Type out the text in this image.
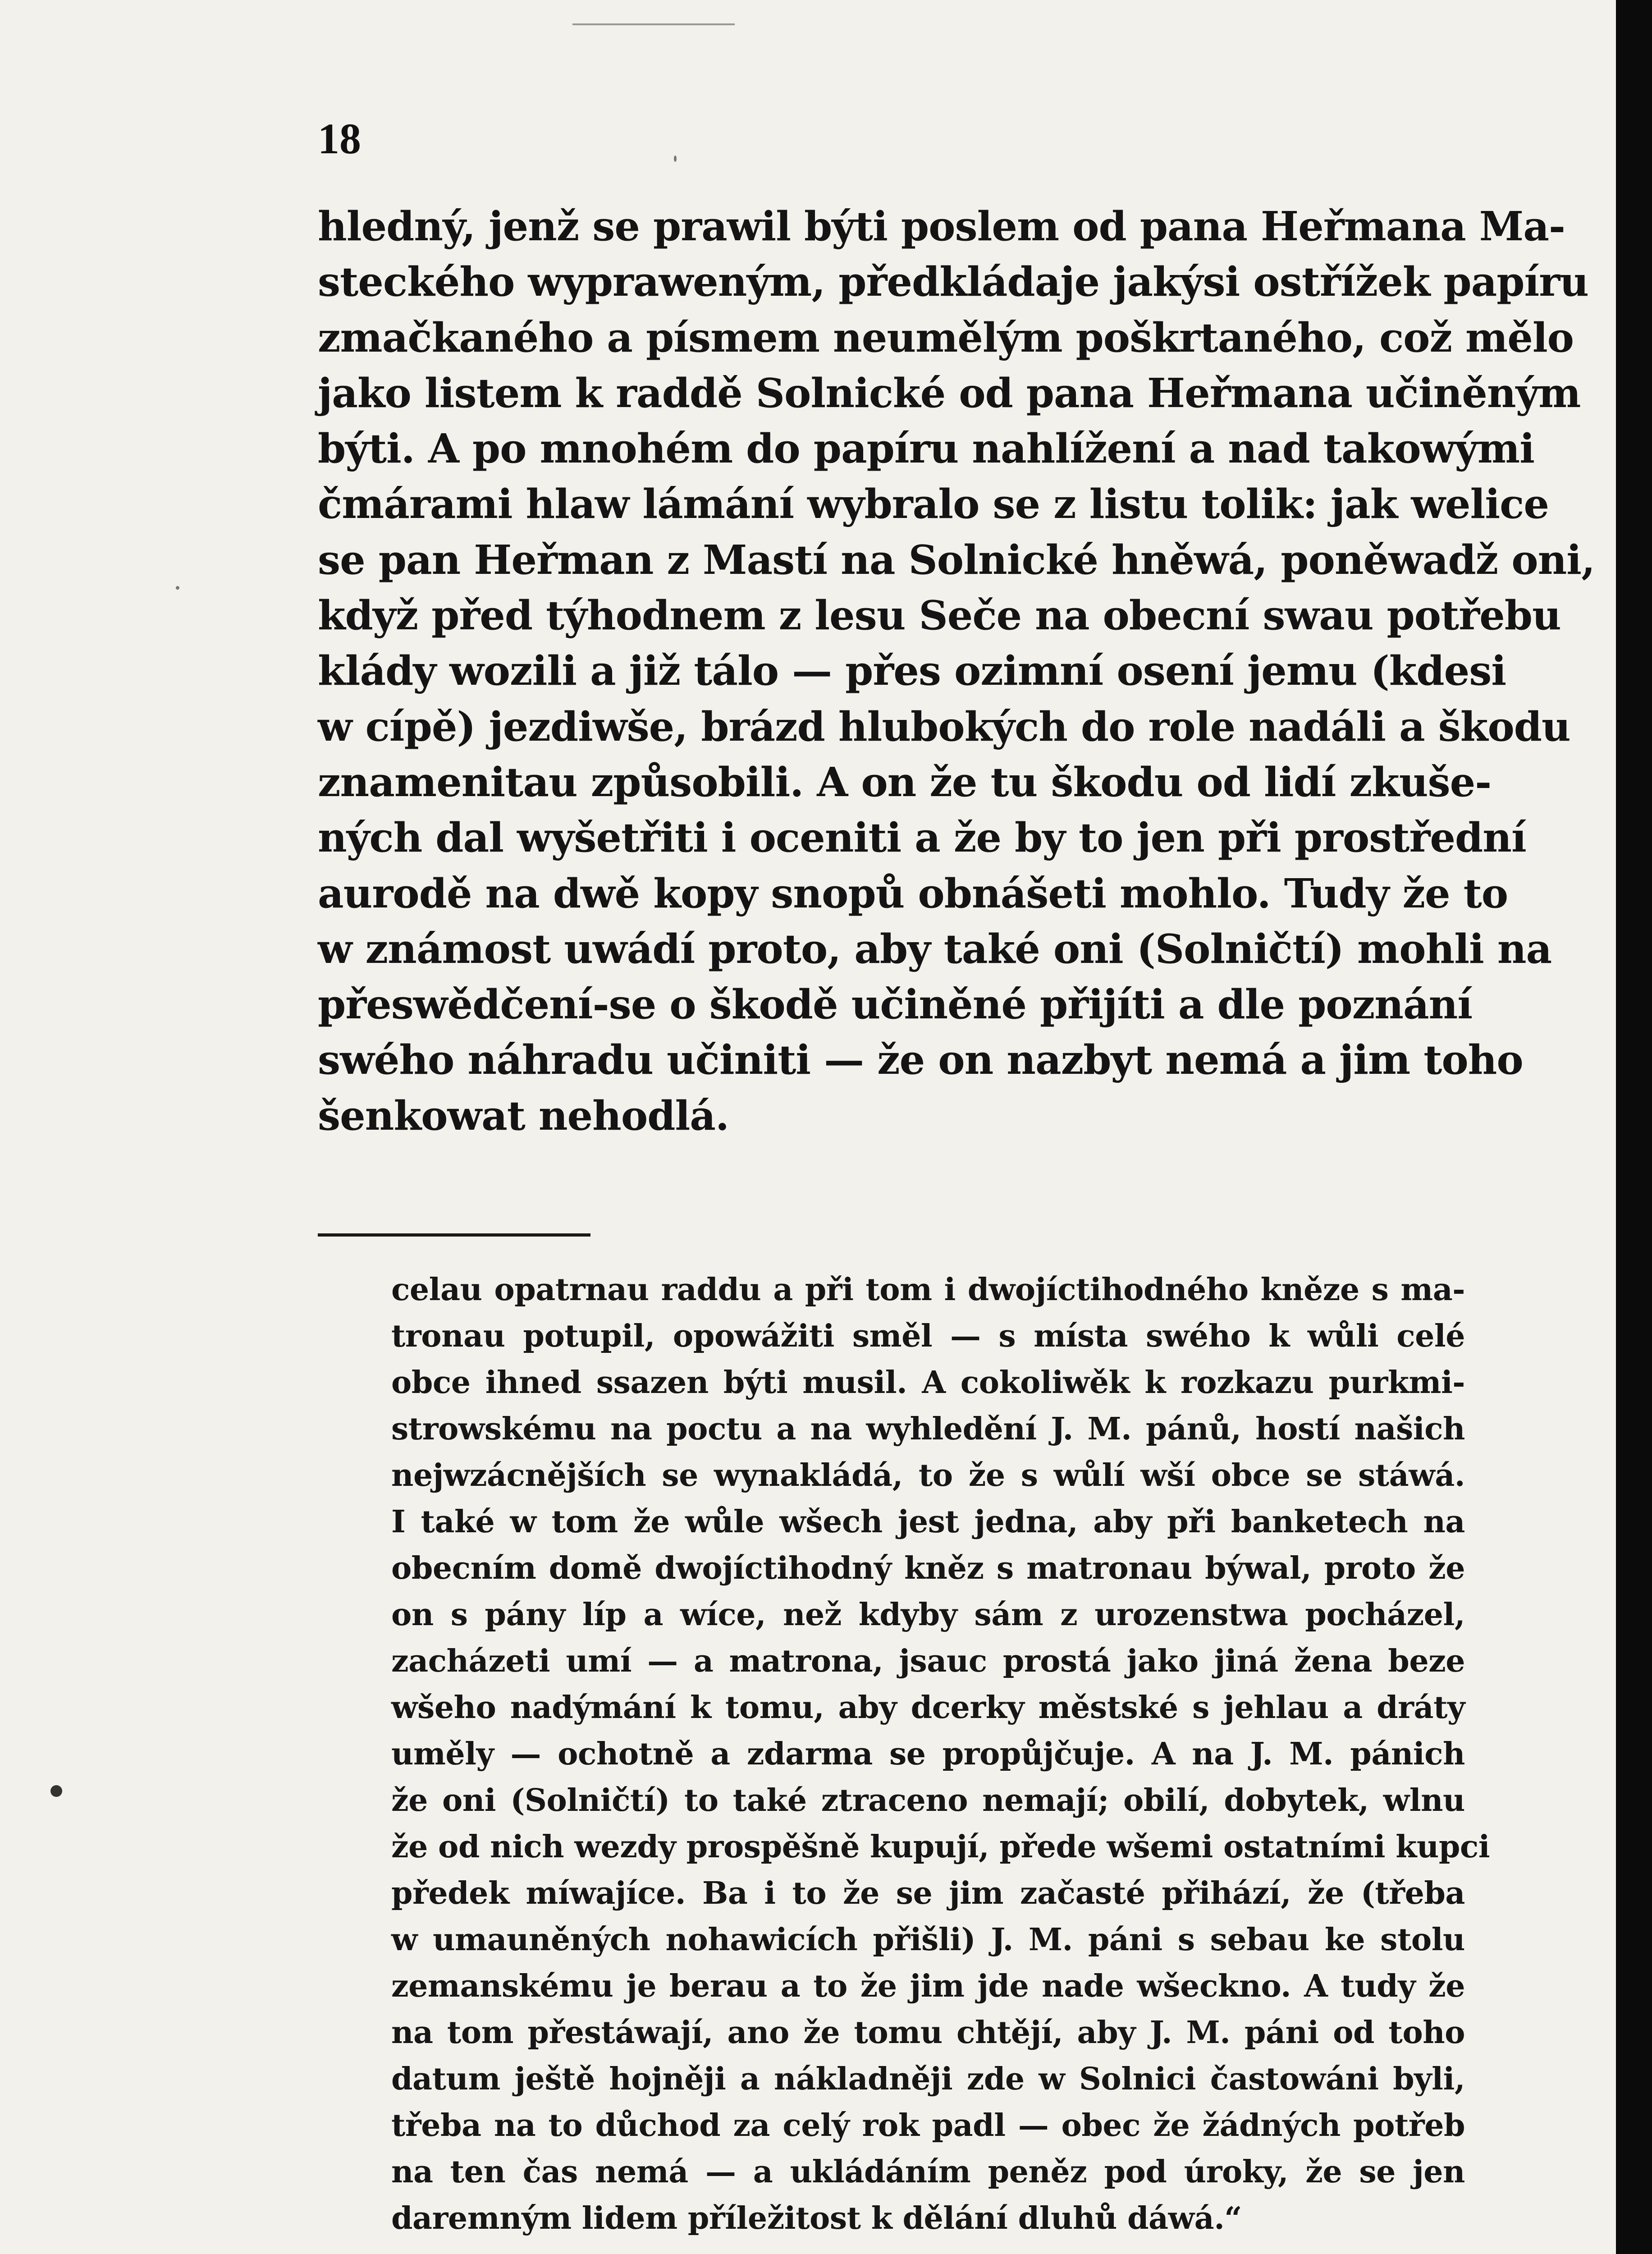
18
hledný, jenž se prawil býti poslem od pana Heřmana Ma-
steckého wypraweným, předkládaje jakýsi ostřížek papíru
zmačkaného a písmem neumělým poškrtaného, což mělo
jako listem k raddě Solnické od pana Heřmana učiněným
býti. A po mnohém do papíru nahlížení a nad takowými
čmárami hlaw lámání wybralo se z listu tolik: jak welice
se pan Heřman z Mastí na Solnické hněwá, poněwadž oni,
když před týhodnem z lesu Seče na obecní swau potřebu
klády wozili a již tálo — přes ozimní osení jemu (kdesi
w cípě) jezdiwše, brázd hlubokých do role nadáli a škodu
znamenitau způsobili. A on že tu škodu od lidí zkuše-
ných dal wyšetřiti i oceniti a že by to jen při prostřední
aurodě na dwě kopy snopů obnášeti mohlo. Tudy že to
w známost uwádí proto, aby také oni (Solničtí) mohli na
přeswědčení-se o škodě učiněné přijíti a dle poznání
swého náhradu učiniti — že on nazbyt nemá a jim toho
šenkowat nehodlá.
celau opatrnau raddu a při tom i dwojíctihodného kněze s ma-
tronau potupil, opowážiti směl — s místa swého k wůli celé
obce ihned ssazen býti musil. A cokoliwěk k rozkazu purkmi-
strowskému na poctu a na wyhledění J. M. pánů, hostí našich
nejwzácnějších se wynakládá, to že s wůlí wší obce se stáwá.
I také w tom že wůle wšech jest jedna, aby při banketech na
obecním domě dwojíctihodný kněz s matronau býwal, proto že
on s pány líp a wíce, než kdyby sám z urozenstwa pocházel,
zacházeti umí — a matrona, jsauc prostá jako jiná žena beze
wšeho nadýmání k tomu, aby dcerky městské s jehlau a dráty
uměly — ochotně a zdarma se propůjčuje. A na J. M. pánich
že oni (Solničtí) to také ztraceno nemají; obilí, dobytek, wlnu
že od nich wezdy prospěšně kupují, přede wšemi ostatními kupci
předek míwajíce. Ba i to že se jim začasté přihází, že (třeba
w umauněných nohawicích přišli) J. M. páni s sebau ke stolu
zemanskému je berau a to že jim jde nade wšeckno. A tudy že
na tom přestáwají, ano že tomu chtějí, aby J. M. páni od toho
datum ještě hojněji a nákladněji zde w Solnici častowáni byli,
třeba na to důchod za celý rok padl — obec že žádných potřeb
na ten čas nemá — a ukládáním peněz pod úroky, že se jen
daremným lidem příležitost k dělání dluhů dáwá.“
